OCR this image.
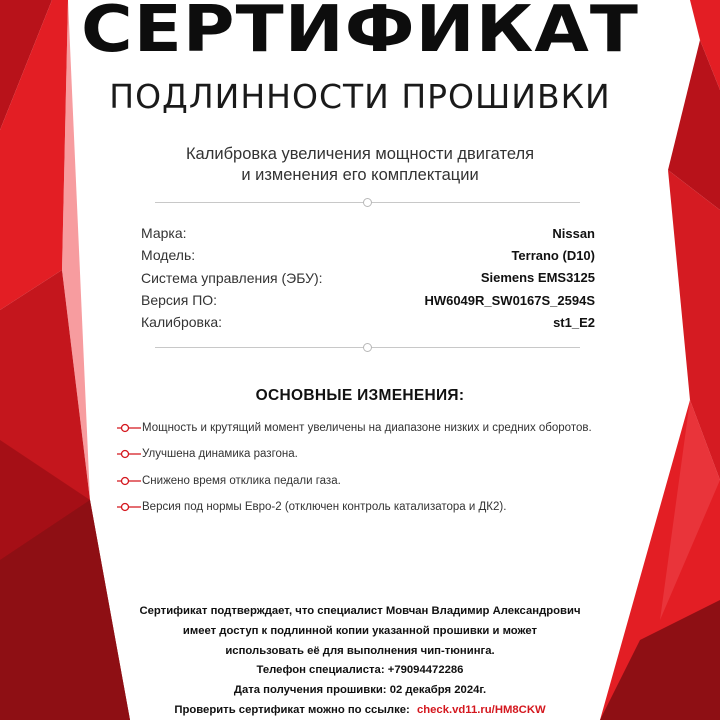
СЕРТИФИКАТ
ПОДЛИННОСТИ ПРОШИВКИ
Калибровка увеличения мощности двигателя
и изменения его комплектации
Марка:	Nissan
Модель:	Terrano (D10)
Система управления (ЭБУ):	Siemens EMS3125
Версия ПО:	HW6049R_SW0167S_2594S
Калибровка:	st1_E2
ОСНОВНЫЕ ИЗМЕНЕНИЯ:
Мощность и крутящий момент увеличены на диапазоне низких и средних оборотов.
Улучшена динамика разгона.
Снижено время отклика педали газа.
Версия под нормы Евро-2 (отключен контроль катализатора и ДК2).
Сертификат подтверждает, что специалист Мовчан Владимир Александрович
имеет доступ к подлинной копии указанной прошивки и может
использовать её для выполнения чип-тюнинга.
Телефон специалиста: +79094472286
Дата получения прошивки: 02 декабря 2024г.
Проверить сертификат можно по ссылке: check.vd11.ru/HM8CKW
